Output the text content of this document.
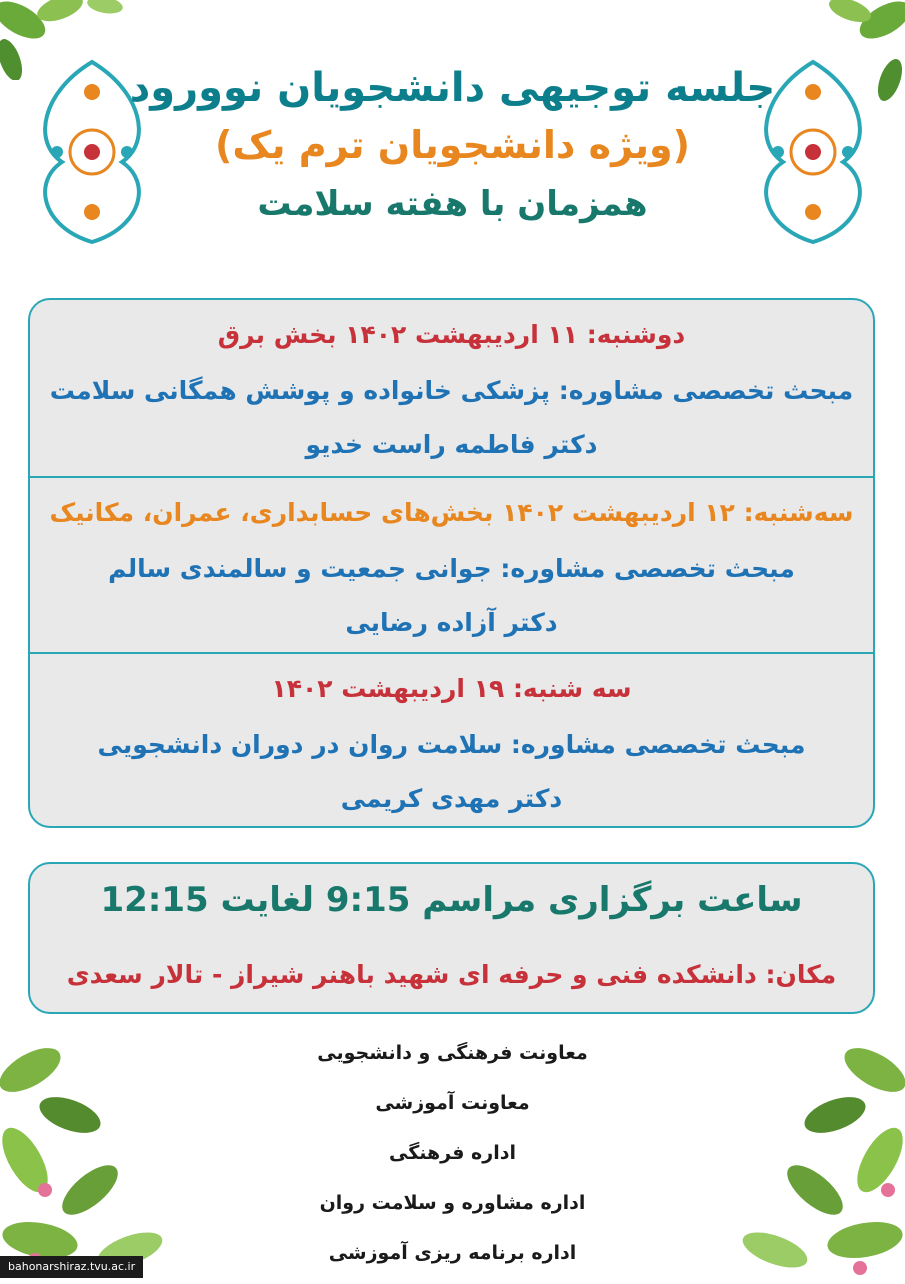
جلسه توجیهی دانشجویان نوورود
(ویژه دانشجویان ترم یک)
همزمان با هفته سلامت
دوشنبه: ۱۱ اردیبهشت ۱۴۰۲ بخش برق
مبحث تخصصی مشاوره: پزشکی خانواده و پوشش همگانی سلامت
دکتر فاطمه راست خدیو
سه‌شنبه: ۱۲ اردیبهشت ۱۴۰۲ بخش‌های حسابداری، عمران، مکانیک
مبحث تخصصی مشاوره: جوانی جمعیت و سالمندی سالم
دکتر آزاده رضایی
سه شنبه: ۱۹ اردیبهشت ۱۴۰۲
مبحث تخصصی مشاوره: سلامت روان در دوران دانشجویی
دکتر مهدی کریمی
ساعت برگزاری مراسم 9:15 لغایت 12:15
مکان: دانشکده فنی و حرفه ای شهید باهنر شیراز - تالار سعدی
معاونت فرهنگی و دانشجویی
معاونت آموزشی
اداره فرهنگی
اداره مشاوره و سلامت روان
اداره برنامه ریزی آموزشی
bahonarshiraz.tvu.ac.ir
